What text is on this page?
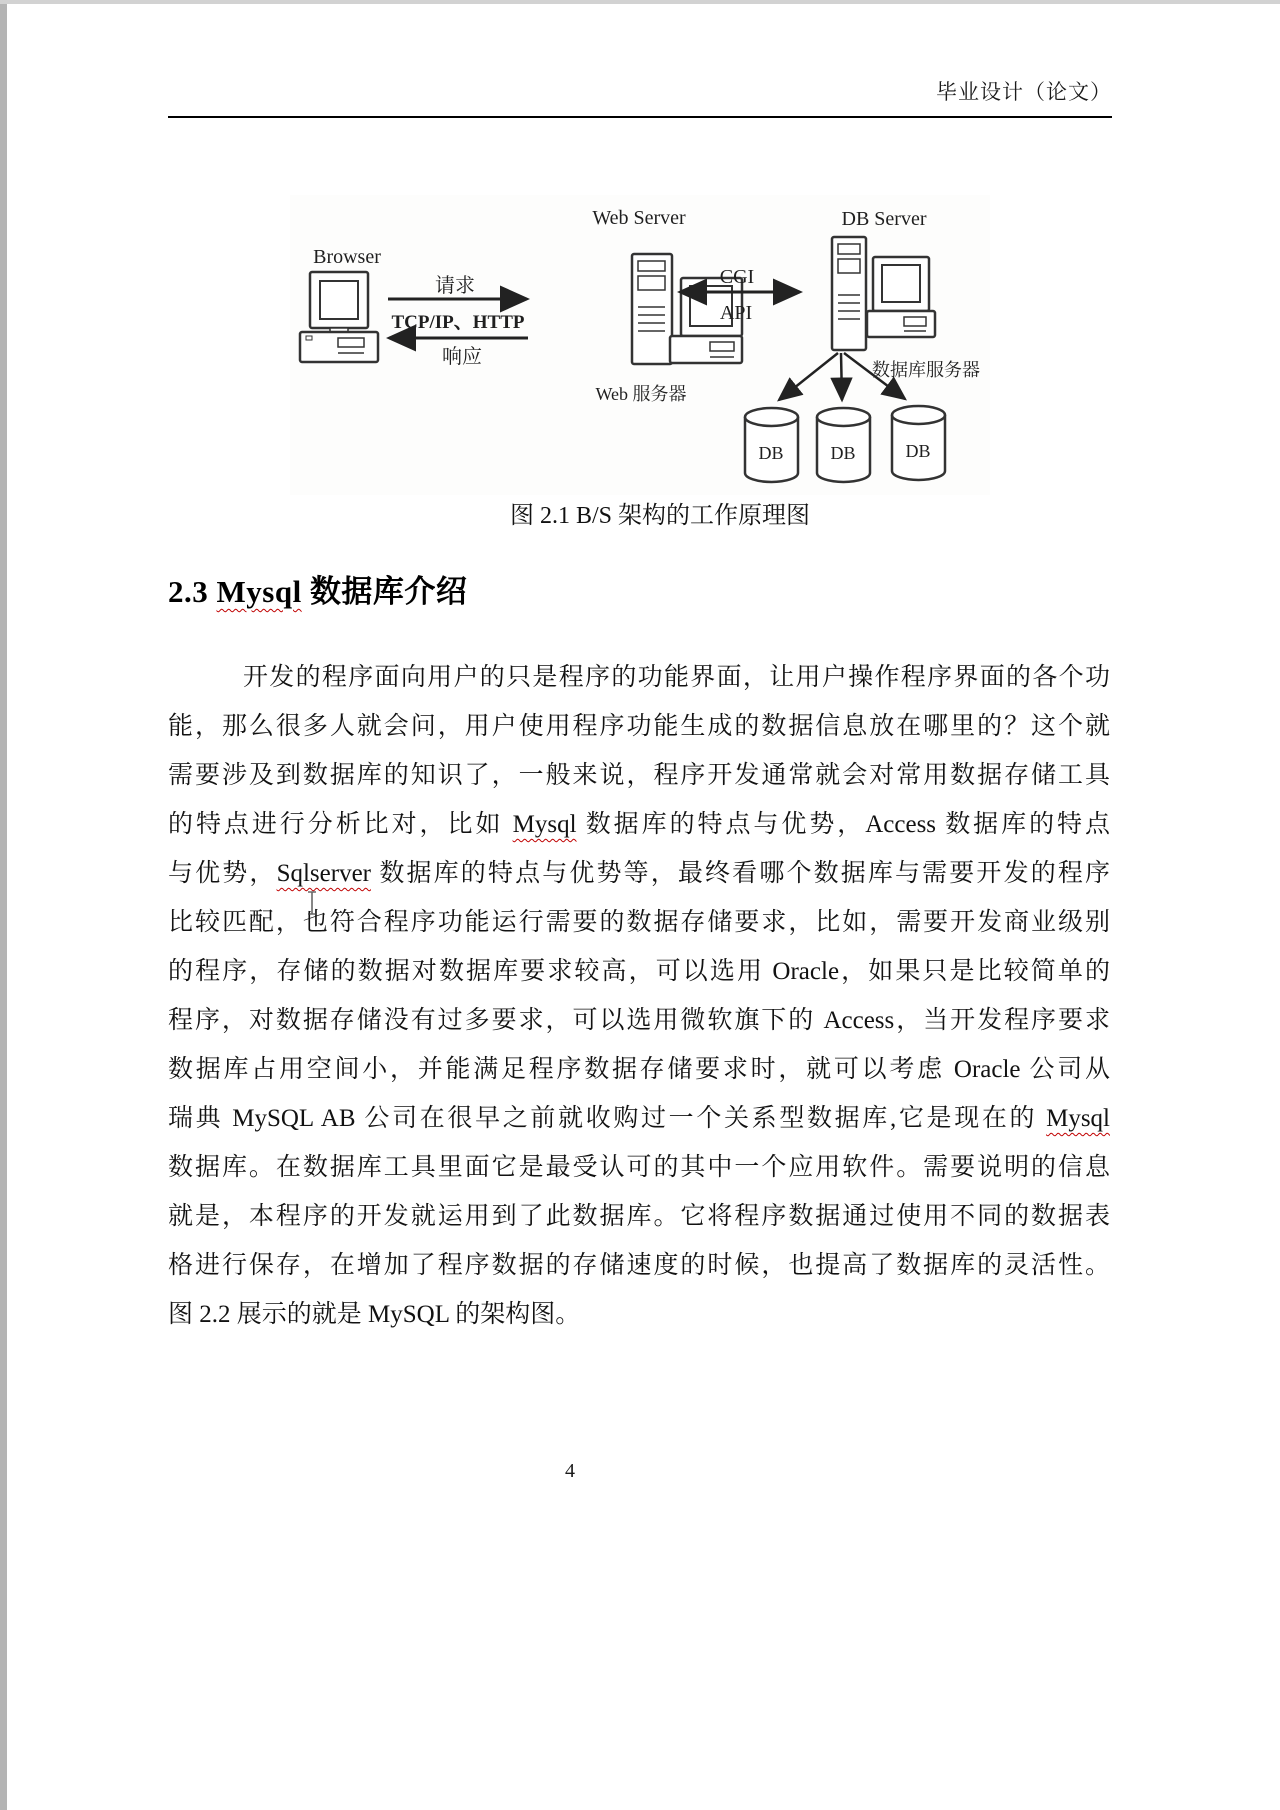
毕业设计（论文）
Browser
请求
TCP/IP、HTTP
响应
Web Server
Web 服务器
CGI
API
DB Server
数据库服务器
DB	DB	DB
图 2.1 B/S 架构的工作原理图
2.3 Mysql 数据库介绍
开发的程序面向用户的只是程序的功能界面，让用户操作程序界面的各个功
能，那么很多人就会问，用户使用程序功能生成的数据信息放在哪里的？这个就
需要涉及到数据库的知识了，一般来说，程序开发通常就会对常用数据存储工具
的特点进行分析比对，比如 Mysql 数据库的特点与优势，Access 数据库的特点
与优势，Sqlserver 数据库的特点与优势等，最终看哪个数据库与需要开发的程序
比较匹配，也符合程序功能运行需要的数据存储要求，比如，需要开发商业级别
的程序，存储的数据对数据库要求较高，可以选用 Oracle，如果只是比较简单的
程序，对数据存储没有过多要求，可以选用微软旗下的 Access，当开发程序要求
数据库占用空间小，并能满足程序数据存储要求时，就可以考虑 Oracle 公司从
瑞典 MySQL AB 公司在很早之前就收购过一个关系型数据库,它是现在的 Mysql
数据库。在数据库工具里面它是最受认可的其中一个应用软件。需要说明的信息
就是，本程序的开发就运用到了此数据库。它将程序数据通过使用不同的数据表
格进行保存，在增加了程序数据的存储速度的时候，也提高了数据库的灵活性。
图 2.2 展示的就是 MySQL 的架构图。
4
